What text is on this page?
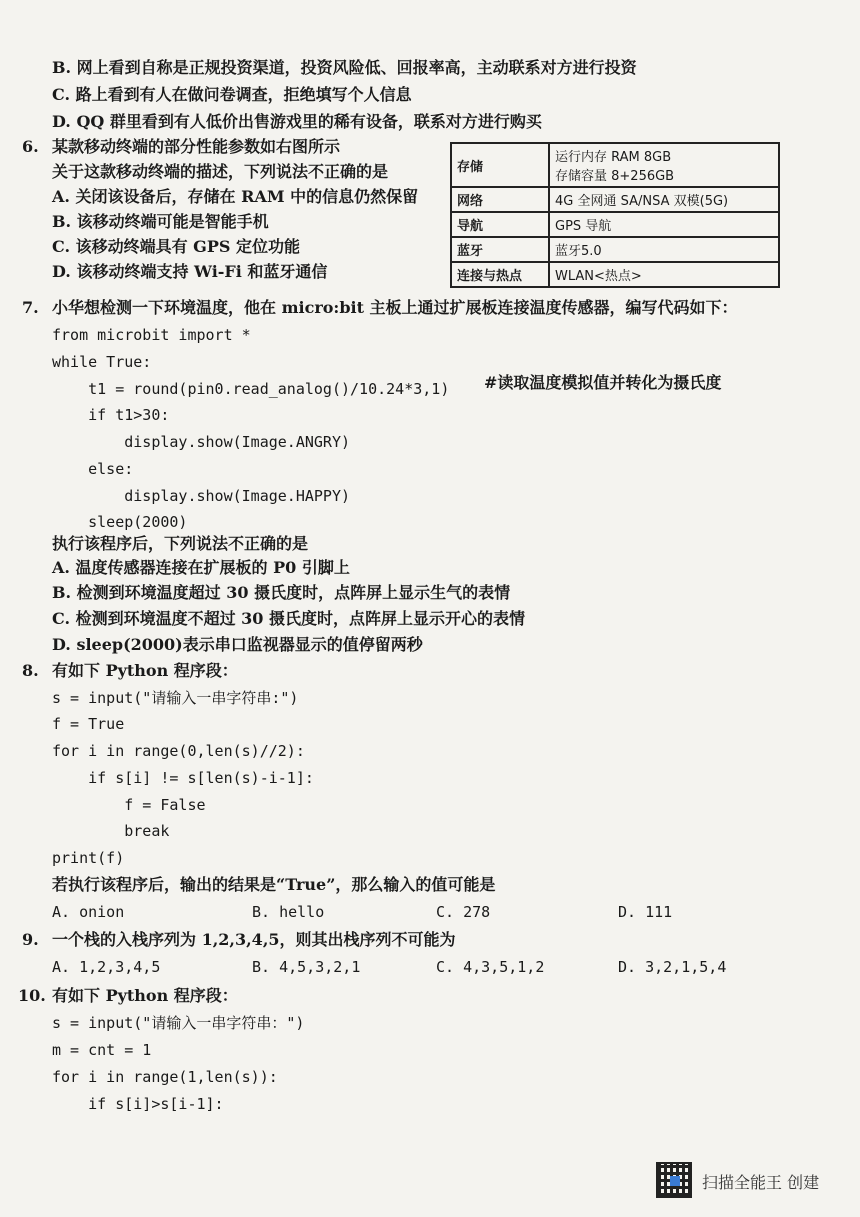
B. 网上看到自称是正规投资渠道，投资风险低、回报率高，主动联系对方进行投资
C. 路上看到有人在做问卷调查，拒绝填写个人信息
D. QQ 群里看到有人低价出售游戏里的稀有设备，联系对方进行购买
6. 某款移动终端的部分性能参数如右图所示
关于这款移动终端的描述，下列说法不正确的是
A. 关闭该设备后，存储在 RAM 中的信息仍然保留
B. 该移动终端可能是智能手机
C. 该移动终端具有 GPS 定位功能
D. 该移动终端支持 Wi-Fi 和蓝牙通信
存储	运行内存 RAM 8GB
存储容量 8+256GB

网络	4G 全网通 SA/NSA 双模(5G)
导航	GPS 导航
蓝牙	蓝牙5.0
连接与热点	WLAN<热点>
7. 小华想检测一下环境温度，他在 micro:bit 主板上通过扩展板连接温度传感器，编写代码如下：
from microbit import *
while True:
t1 = round(pin0.read_analog()/10.24*3,1) #读取温度模拟值并转化为摄氏度
if t1>30:
display.show(Image.ANGRY)
else:
display.show(Image.HAPPY)
sleep(2000)
执行该程序后，下列说法不正确的是
A. 温度传感器连接在扩展板的 P0 引脚上
B. 检测到环境温度超过 30 摄氏度时，点阵屏上显示生气的表情
C. 检测到环境温度不超过 30 摄氏度时，点阵屏上显示开心的表情
D. sleep(2000)表示串口监视器显示的值停留两秒
8. 有如下 Python 程序段：
s = input("请输入一串字符串:")
f = True
for i in range(0,len(s)//2):
if s[i] != s[len(s)-i-1]:
f = False
break
print(f)
若执行该程序后，输出的结果是“True”，那么输入的值可能是
A. onion	B. hello	C. 278	D. 111
9. 一个栈的入栈序列为 1,2,3,4,5，则其出栈序列不可能为
A. 1,2,3,4,5	B. 4,5,3,2,1	C. 4,3,5,1,2	D. 3,2,1,5,4
10. 有如下 Python 程序段：
s = input("请输入一串字符串：")
m = cnt = 1
for i in range(1,len(s)):
if s[i]>s[i-1]:
扫描全能王 创建
